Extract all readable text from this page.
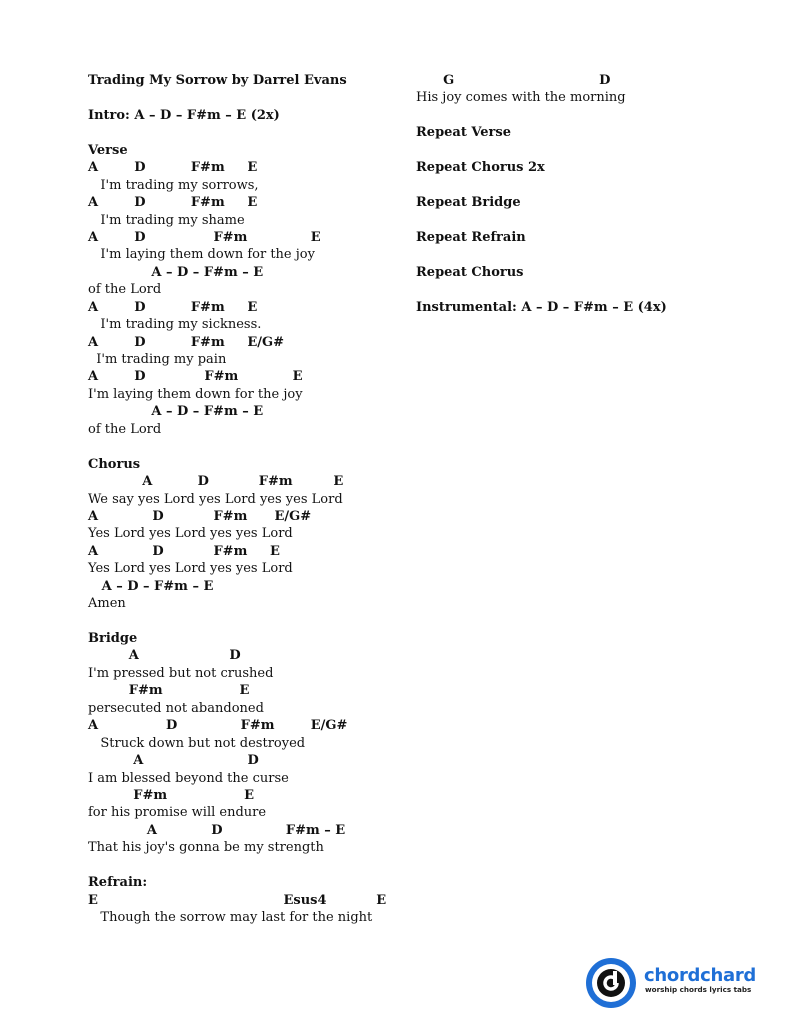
Trading My Sorrow by Darrel Evans
Intro: A – D – F#m – E (2x)
Verse
A        D          F#m     E
I'm trading my sorrows,
A        D          F#m     E
I'm trading my shame
A        D               F#m              E
I'm laying them down for the joy
A – D – F#m – E
of the Lord
A        D          F#m     E
I'm trading my sickness.
A        D          F#m     E/G#
I'm trading my pain
A        D             F#m            E
I'm laying them down for the joy
A – D – F#m – E
of the Lord
Chorus
A          D           F#m         E
We say yes Lord yes Lord yes yes Lord
A            D           F#m      E/G#
Yes Lord yes Lord yes yes Lord
A            D           F#m     E
Yes Lord yes Lord yes yes Lord
A – D – F#m – E
Amen
Bridge
A                    D
I'm pressed but not crushed
F#m                 E
persecuted not abandoned
A               D              F#m        E/G#
Struck down but not destroyed
A                       D
I am blessed beyond the curse
F#m                 E
for his promise will endure
A            D              F#m – E
That his joy's gonna be my strength
Refrain:
E                                         Esus4           E
Though the sorrow may last for the night
G                                D
His joy comes with the morning
Repeat Verse
Repeat Chorus 2x
Repeat Bridge
Repeat Refrain
Repeat Chorus
Instrumental: A – D – F#m – E (4x)
chordchard
worship chords lyrics tabs
